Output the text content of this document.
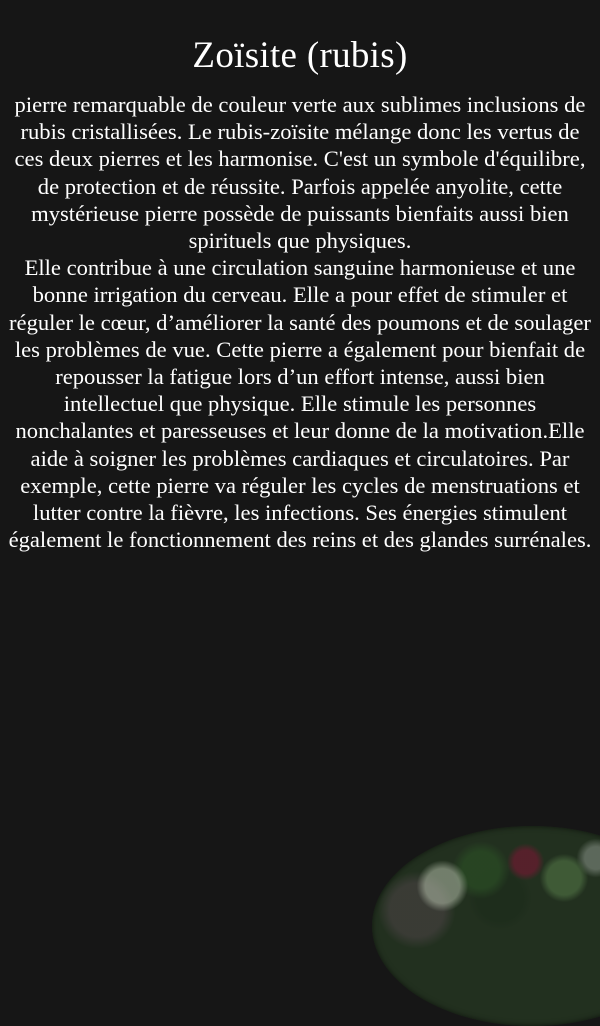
Zoïsite (rubis)

pierre remarquable de couleur verte aux sublimes inclusions de rubis cristallisées. Le rubis-zoïsite mélange donc les vertus de ces deux pierres et les harmonise. C'est un symbole d'équilibre, de protection et de réussite. Parfois appelée anyolite, cette mystérieuse pierre possède de puissants bienfaits aussi bien spirituels que physiques.

Elle contribue à une circulation sanguine harmonieuse et une bonne irrigation du cerveau. Elle a pour effet de stimuler et réguler le cœur, d’améliorer la santé des poumons et de soulager les problèmes de vue. Cette pierre a également pour bienfait de repousser la fatigue lors d’un effort intense, aussi bien intellectuel que physique. Elle stimule les personnes nonchalantes et paresseuses et leur donne de la motivation.Elle aide à soigner les problèmes cardiaques et circulatoires. Par exemple, cette pierre va réguler les cycles de menstruations et lutter contre la fièvre, les infections. Ses énergies stimulent également le fonctionnement des reins et des glandes surrénales.
